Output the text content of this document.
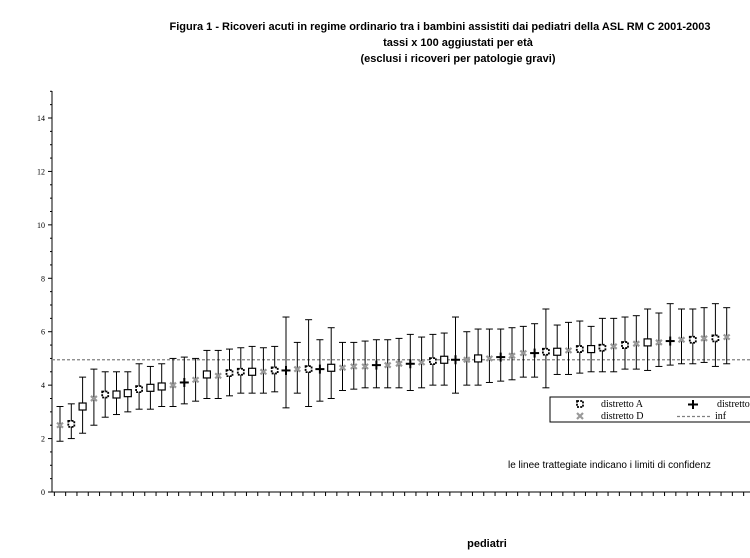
Figura 1 - Ricoveri acuti in regime ordinario tra i bambini assistiti dai pediatri della ASL RM C 2001-2003
tassi x 100 aggiustati per età
(esclusi i ricoveri per patologie gravi)
0
2
4
6
8
10
12
14
distretto A	distretto
distretto D	inf
le linee trattegiate indicano i limiti di confidenz
pediatri
